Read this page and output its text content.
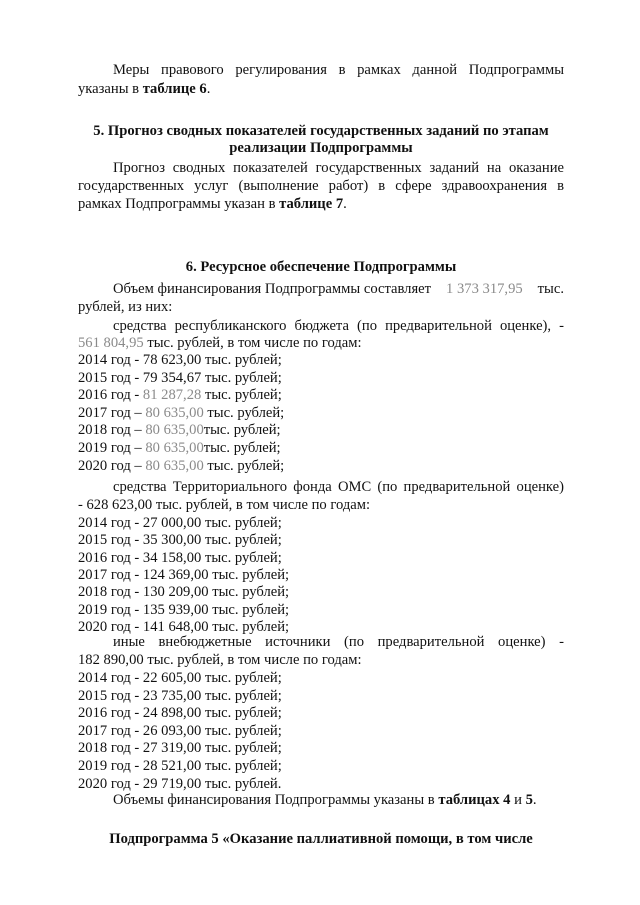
Меры правового регулирования в рамках данной Подпрограммы
указаны в таблице 6.
5. Прогноз сводных показателей государственных заданий по этапам
реализации Подпрограммы
Прогноз сводных показателей государственных заданий на оказание
государственных услуг (выполнение работ) в сфере здравоохранения в
рамках Подпрограммы указан в таблице 7.
6. Ресурсное обеспечение Подпрограммы
Объем финансирования Подпрограммы составляет 1 373 317,95 тыс.
рублей, из них:
средства республиканского бюджета (по предварительной оценке), -
561 804,95 тыс. рублей, в том числе по годам:
2014 год - 78 623,00 тыс. рублей;
2015 год - 79 354,67 тыс. рублей;
2016 год - 81 287,28 тыс. рублей;
2017 год – 80 635,00 тыс. рублей;
2018 год – 80 635,00тыс. рублей;
2019 год – 80 635,00тыс. рублей;
2020 год – 80 635,00 тыс. рублей;
средства Территориального фонда ОМС (по предварительной оценке)
- 628 623,00 тыс. рублей, в том числе по годам:
2014 год - 27 000,00 тыс. рублей;
2015 год - 35 300,00 тыс. рублей;
2016 год - 34 158,00 тыс. рублей;
2017 год - 124 369,00 тыс. рублей;
2018 год - 130 209,00 тыс. рублей;
2019 год - 135 939,00 тыс. рублей;
2020 год - 141 648,00 тыс. рублей;
иные внебюджетные источники (по предварительной оценке) -
182 890,00 тыс. рублей, в том числе по годам:
2014 год - 22 605,00 тыс. рублей;
2015 год - 23 735,00 тыс. рублей;
2016 год - 24 898,00 тыс. рублей;
2017 год - 26 093,00 тыс. рублей;
2018 год - 27 319,00 тыс. рублей;
2019 год - 28 521,00 тыс. рублей;
2020 год - 29 719,00 тыс. рублей.
Объемы финансирования Подпрограммы указаны в таблицах 4 и 5.
Подпрограмма 5 «Оказание паллиативной помощи, в том числе
